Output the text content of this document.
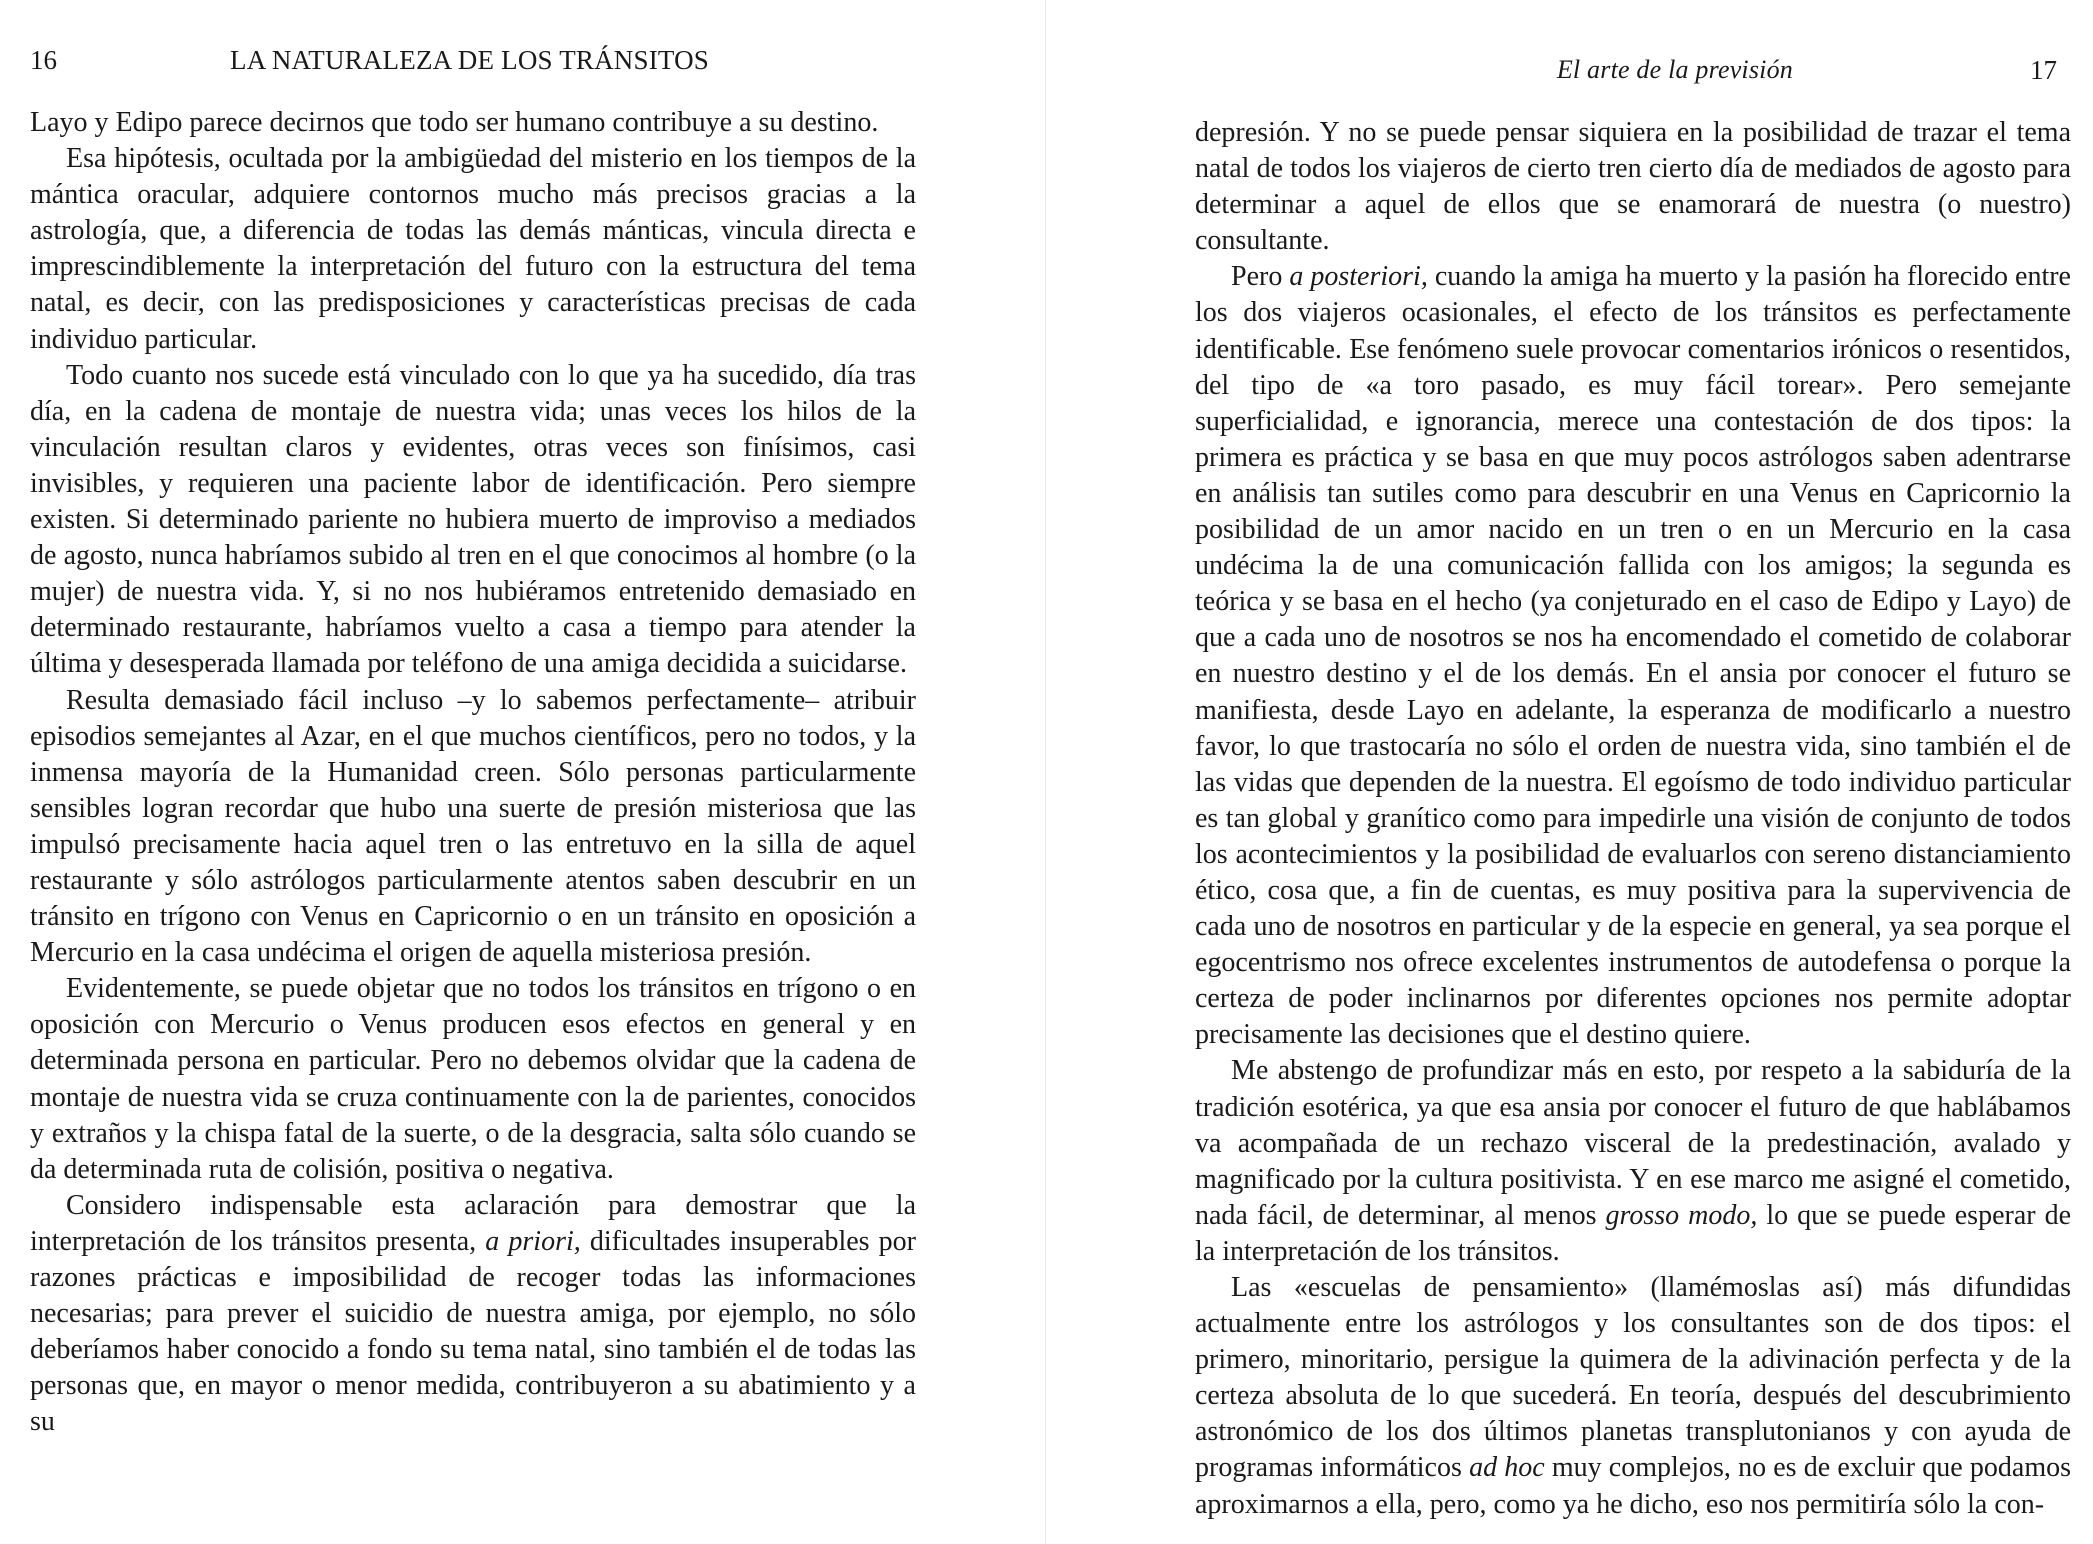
16	LA NATURALEZA DE LOS TRÁNSITOS

Layo y Edipo parece decirnos que todo ser humano contribuye a su destino.

Esa hipótesis, ocultada por la ambigüedad del misterio en los tiempos de la mántica oracular, adquiere contornos mucho más precisos gracias a la astrología, que, a diferencia de todas las demás mánticas, vincula directa e imprescindiblemente la interpretación del futuro con la estructura del tema natal, es decir, con las predisposiciones y características precisas de cada individuo particular.

Todo cuanto nos sucede está vinculado con lo que ya ha sucedido, día tras día, en la cadena de montaje de nuestra vida; unas veces los hilos de la vinculación resultan claros y evidentes, otras veces son finísimos, casi invisibles, y requieren una paciente labor de identificación. Pero siempre existen. Si determinado pariente no hubiera muerto de improviso a mediados de agosto, nunca habríamos subido al tren en el que conocimos al hombre (o la mujer) de nuestra vida. Y, si no nos hubiéramos entretenido demasiado en determinado restaurante, habríamos vuelto a casa a tiempo para atender la última y desesperada llamada por teléfono de una amiga decidida a suicidarse.

Resulta demasiado fácil incluso –y lo sabemos perfectamente– atribuir episodios semejantes al Azar, en el que muchos científicos, pero no todos, y la inmensa mayoría de la Humanidad creen. Sólo personas particularmente sensibles logran recordar que hubo una suerte de presión misteriosa que las impulsó precisamente hacia aquel tren o las entretuvo en la silla de aquel restaurante y sólo astrólogos particularmente atentos saben descubrir en un tránsito en trígono con Venus en Capricornio o en un tránsito en oposición a Mercurio en la casa undécima el origen de aquella misteriosa presión.

Evidentemente, se puede objetar que no todos los tránsitos en trígono o en oposición con Mercurio o Venus producen esos efectos en general y en determinada persona en particular. Pero no debemos olvidar que la cadena de montaje de nuestra vida se cruza continuamente con la de parientes, conocidos y extraños y la chispa fatal de la suerte, o de la desgracia, salta sólo cuando se da determinada ruta de colisión, positiva o negativa.

Considero indispensable esta aclaración para demostrar que la interpretación de los tránsitos presenta, a priori, dificultades insuperables por razones prácticas e imposibilidad de recoger todas las informaciones necesarias; para prever el suicidio de nuestra amiga, por ejemplo, no sólo deberíamos haber conocido a fondo su tema natal, sino también el de todas las personas que, en mayor o menor medida, contribuyeron a su abatimiento y a su

El arte de la previsión	17

depresión. Y no se puede pensar siquiera en la posibilidad de trazar el tema natal de todos los viajeros de cierto tren cierto día de mediados de agosto para determinar a aquel de ellos que se enamorará de nuestra (o nuestro) consultante.

Pero a posteriori, cuando la amiga ha muerto y la pasión ha florecido entre los dos viajeros ocasionales, el efecto de los tránsitos es perfectamente identificable. Ese fenómeno suele provocar comentarios irónicos o resentidos, del tipo de «a toro pasado, es muy fácil torear». Pero semejante superficialidad, e ignorancia, merece una contestación de dos tipos: la primera es práctica y se basa en que muy pocos astrólogos saben adentrarse en análisis tan sutiles como para descubrir en una Venus en Capricornio la posibilidad de un amor nacido en un tren o en un Mercurio en la casa undécima la de una comunicación fallida con los amigos; la segunda es teórica y se basa en el hecho (ya conjeturado en el caso de Edipo y Layo) de que a cada uno de nosotros se nos ha encomendado el cometido de colaborar en nuestro destino y el de los demás. En el ansia por conocer el futuro se manifiesta, desde Layo en adelante, la esperanza de modificarlo a nuestro favor, lo que trastocaría no sólo el orden de nuestra vida, sino también el de las vidas que dependen de la nuestra. El egoísmo de todo individuo particular es tan global y granítico como para impedirle una visión de conjunto de todos los acontecimientos y la posibilidad de evaluarlos con sereno distanciamiento ético, cosa que, a fin de cuentas, es muy positiva para la supervivencia de cada uno de nosotros en particular y de la especie en general, ya sea porque el egocentrismo nos ofrece excelentes instrumentos de autodefensa o porque la certeza de poder inclinarnos por diferentes opciones nos permite adoptar precisamente las decisiones que el destino quiere.

Me abstengo de profundizar más en esto, por respeto a la sabiduría de la tradición esotérica, ya que esa ansia por conocer el futuro de que hablábamos va acompañada de un rechazo visceral de la predestinación, avalado y magnificado por la cultura positivista. Y en ese marco me asigné el cometido, nada fácil, de determinar, al menos grosso modo, lo que se puede esperar de la interpretación de los tránsitos.

Las «escuelas de pensamiento» (llamémoslas así) más difundidas actualmente entre los astrólogos y los consultantes son de dos tipos: el primero, minoritario, persigue la quimera de la adivinación perfecta y de la certeza absoluta de lo que sucederá. En teoría, después del descubrimiento astronómico de los dos últimos planetas transplutonianos y con ayuda de programas informáticos ad hoc muy complejos, no es de excluir que podamos aproximarnos a ella, pero, como ya he dicho, eso nos permitiría sólo la con-
